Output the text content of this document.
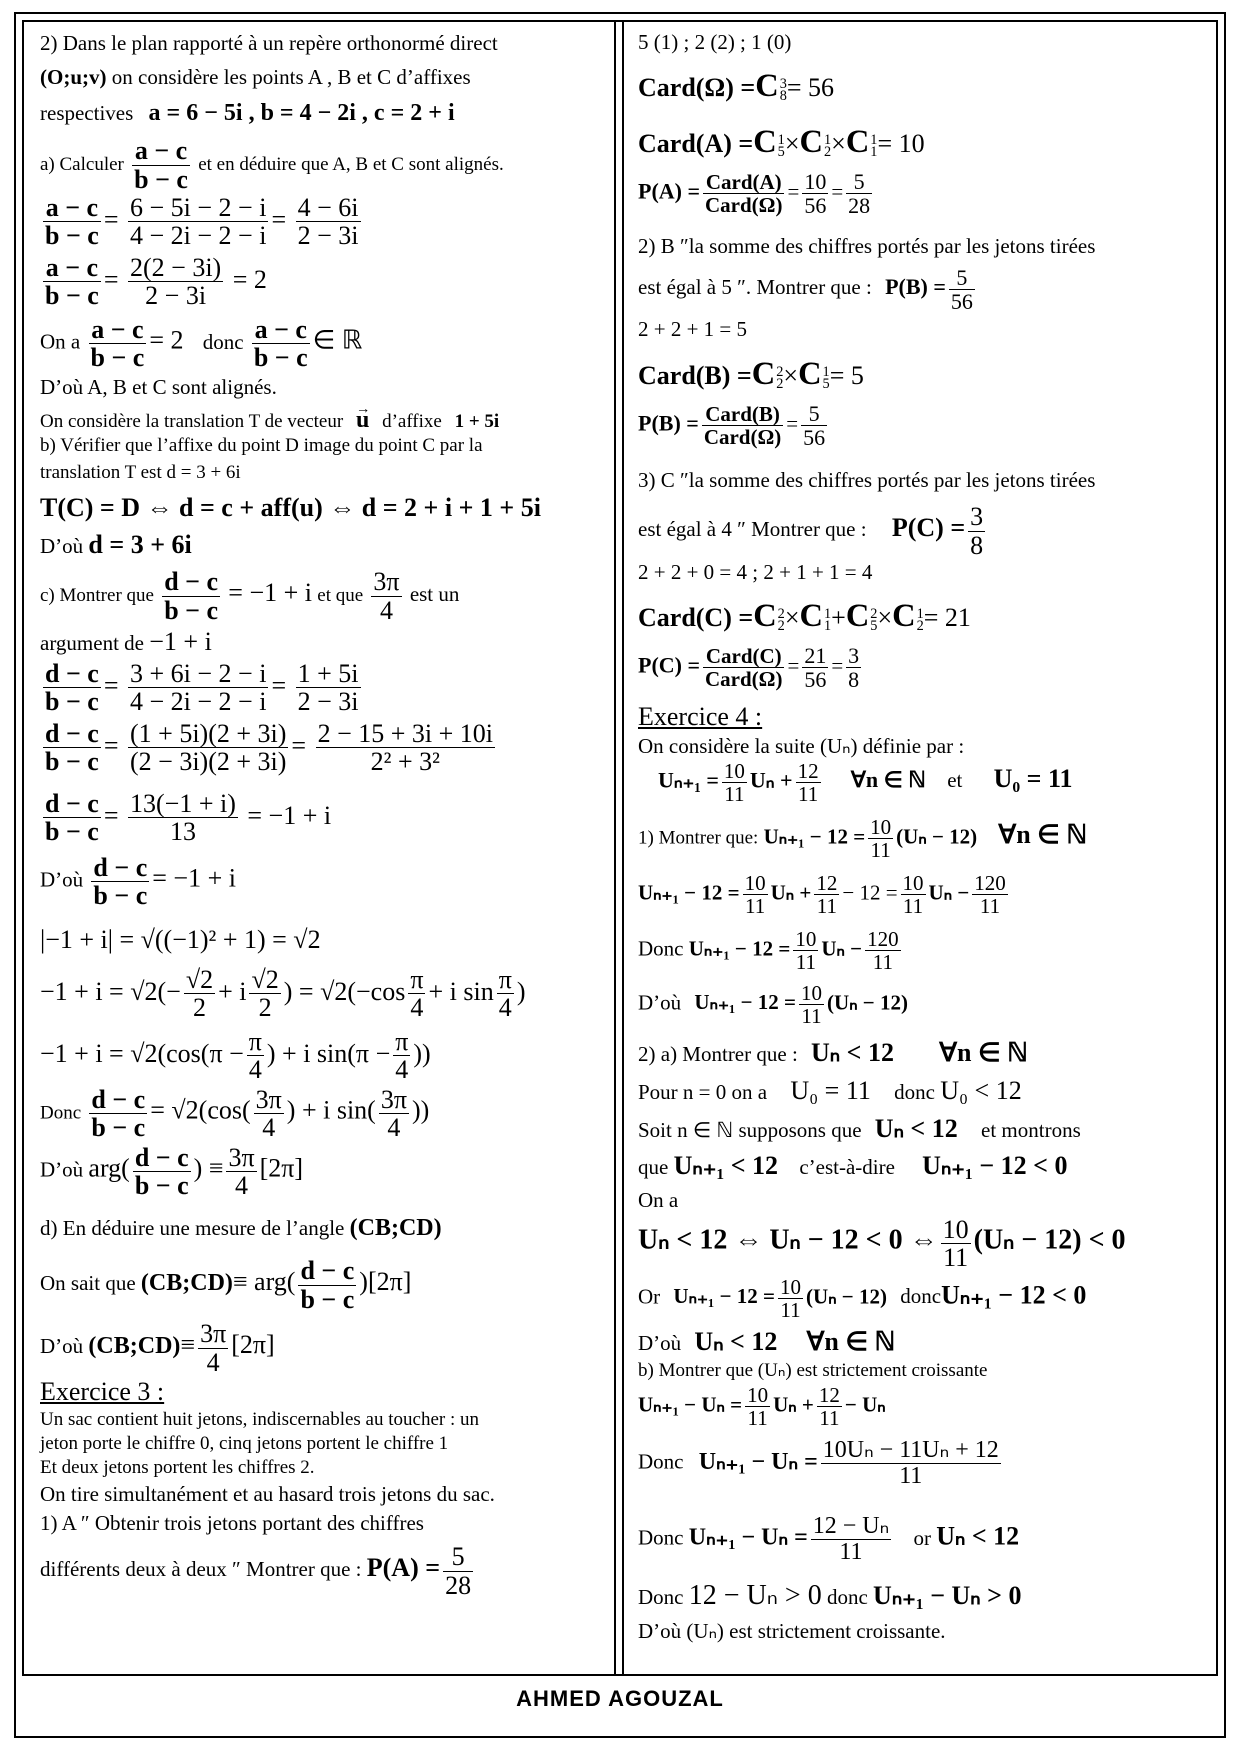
2) Dans le plan rapporté à un repère orthonormé direct
(O;u;v) on considère les points A , B et C d’affixes
respectives a = 6 − 5i , b = 4 − 2i , c = 2 + i
a) Calculer $\frac{a - c}{b - c}$ et en déduire que A, B et C sont alignés.
$\frac{a - c}{b - c} = \frac{6 - 5i - 2 - i}{4 - 2i - 2 - i} = \frac{4 - 6i}{2 - 3i}$
$\frac{a - c}{b - c} = \frac{2(2 - 3i)}{2 - 3i} = 2$
On a $\frac{a - c}{b - c} = 2$ donc $\frac{a - c}{b - c}$ ∈ ℝ
D’où A, B et C sont alignés.
On considère la translation T de vecteur → u d’affixe 1 + 5i
b) Vérifier que l’affixe du point D image du point C par la
translation T est d = 3 + 6i
T(C) = D ⇔ d = c + aff(u) ⇔ d = 2 + i + 1 + 5i
D’où d = 3 + 6i
c) Montrer que $\frac{d - c}{b - c} = -1 + i$ et que $\frac{3\pi}{4}$ est un
argument de −1 + i
$\frac{d - c}{b - c} = \frac{3 + 6i - 2 - i}{4 - 2i - 2 - i} = \frac{1 + 5i}{2 - 3i}$
$\frac{d - c}{b - c} = \frac{(1 + 5i)(2 + 3i)}{(2 - 3i)(2 + 3i)} = \frac{2 - 15 + 3i + 10i}{\text{2² + 3²}}$
$\frac{d - c}{b - c} = \frac{13(-1 + i)}{13} = -1 + i$
D’où $\frac{d - c}{b - c} = -1 + i$
|−1 + i| = √((−1)² + 1) = √2
$-1 + i = √2(- \frac{√2}{2} + i \frac{√2}{2}$ ) = $√2(-\cos \frac{\pi}{4} + i$ $\sin \frac{\pi}{4}$ )
$-1 + i = √2(\cos(\pi - \frac{\pi}{4}$ ) + i $\sin(\pi - \frac{\pi}{4}$ ))
Donc $\frac{d - c}{b - c} = √2(\cos( \frac{3\pi}{4}$ ) + i $\sin( \frac{3\pi}{4}$ ))
D’où $arg( \frac{d - c}{b - c}$ ) ≡ $\frac{3\pi}{4} [2\pi]$
d) En déduire une mesure de l’angle (CB;CD)
On sait que (CB;CD)≡ $arg( \frac{d - c}{b - c} )[2\pi]$
D’où (CB;CD)≡ $\frac{3\pi}{4} [2\pi]$
Exercice 3 :
Un sac contient huit jetons, indiscernables au toucher : un
jeton porte le chiffre 0, cinq jetons portent le chiffre 1
Et deux jetons portent les chiffres 2.
On tire simultanément et au hasard trois jetons du sac.
1) A ″ Obtenir trois jetons portant des chiffres
différents deux à deux ″ Montrer que : $P(A) = \frac{5}{28}$
5 (1) ; 2 (2) ; 1 (0)
Card(Ω) =C 3
8 = 56
Card(A) =C 1
5 ×C 1
2 ×C 1
1 = 10
$P(A) = \frac{\text{Card(A)}}{\text{Card(Ω)}} = \frac{10}{56} = \frac{5}{28}$
2) B ″la somme des chiffres portés par les jetons tirées
est égal à 5 ″. Montrer que : $P(B) = \frac{5}{56}$
2 + 2 + 1 = 5
Card(B) =C 2
2 ×C 1
5 = 5
$P(B) = \frac{\text{Card(B)}}{\text{Card(Ω)}} = \frac{5}{56}$
3) C ″la somme des chiffres portés par les jetons tirées
est égal à 4 ″ Montrer que : $P(C) = \frac{3}{8}$
2 + 2 + 0 = 4 ; 2 + 1 + 1 = 4
Card(C) =C 2
2 ×C 1
1 +C 2
5 ×C 1
2 = 21
$P(C) = \frac{\text{Card(C)}}{\text{Card(Ω)}} = \frac{21}{56} = \frac{3}{8}$
Exercice 4 :
On considère la suite (Uₙ) définie par :
$U_{n+1} = \frac{10}{11}$ $U_n + \frac{12}{11}$ ∀n ∈ ℕ et U₀ = 11
1) Montrer que: $U_{n+1} - 12 = \frac{10}{11} (U_n - 12)$ ∀n ∈ ℕ
$U_{n+1} - 12 = \frac{10}{11}$ $U_n + \frac{12}{11} - 12 = \frac{10}{11}$ $U_n - \frac{120}{11}$
Donc $U_{n+1} - 12 = \frac{10}{11}$ $U_n - \frac{120}{11}$
D’où $U_{n+1} - 12 = \frac{10}{11} (U_n - 12)$
2) a) Montrer que : Uₙ < 12 ∀n ∈ ℕ
Pour n = 0 on a U₀ = 11 donc U₀ < 12
Soit n ∈ ℕ supposons que Uₙ < 12 et montrons
que Uₙ₊₁ < 12 c’est-à-dire Uₙ₊₁ − 12 < 0
On a
Uₙ < 12 ⇔ Uₙ − 12 < 0 ⇔ $\frac{10}{11} (U_n - 12) < 0$
Or $U_{n+1} - 12 = \frac{10}{11} (U_n - 12)$ doncUₙ₊₁ − 12 < 0
D’où Uₙ < 12 ∀n ∈ ℕ
b) Montrer que (Uₙ) est strictement croissante
$U_{n+1} - U_n = \frac{10}{11}$ $U_n + \frac{12}{11} - U_n$
Donc $U_{n+1} - U_n = \frac{\text{10Uₙ − 11Uₙ + 12}}{11}$
Donc $U_{n+1} - U_n = \frac{\text{12 − Uₙ}}{11}$ or Uₙ < 12
Donc 12 − Uₙ > 0 donc Uₙ₊₁ − Uₙ > 0
D’où (Uₙ) est strictement croissante.
AHMED AGOUZAL
